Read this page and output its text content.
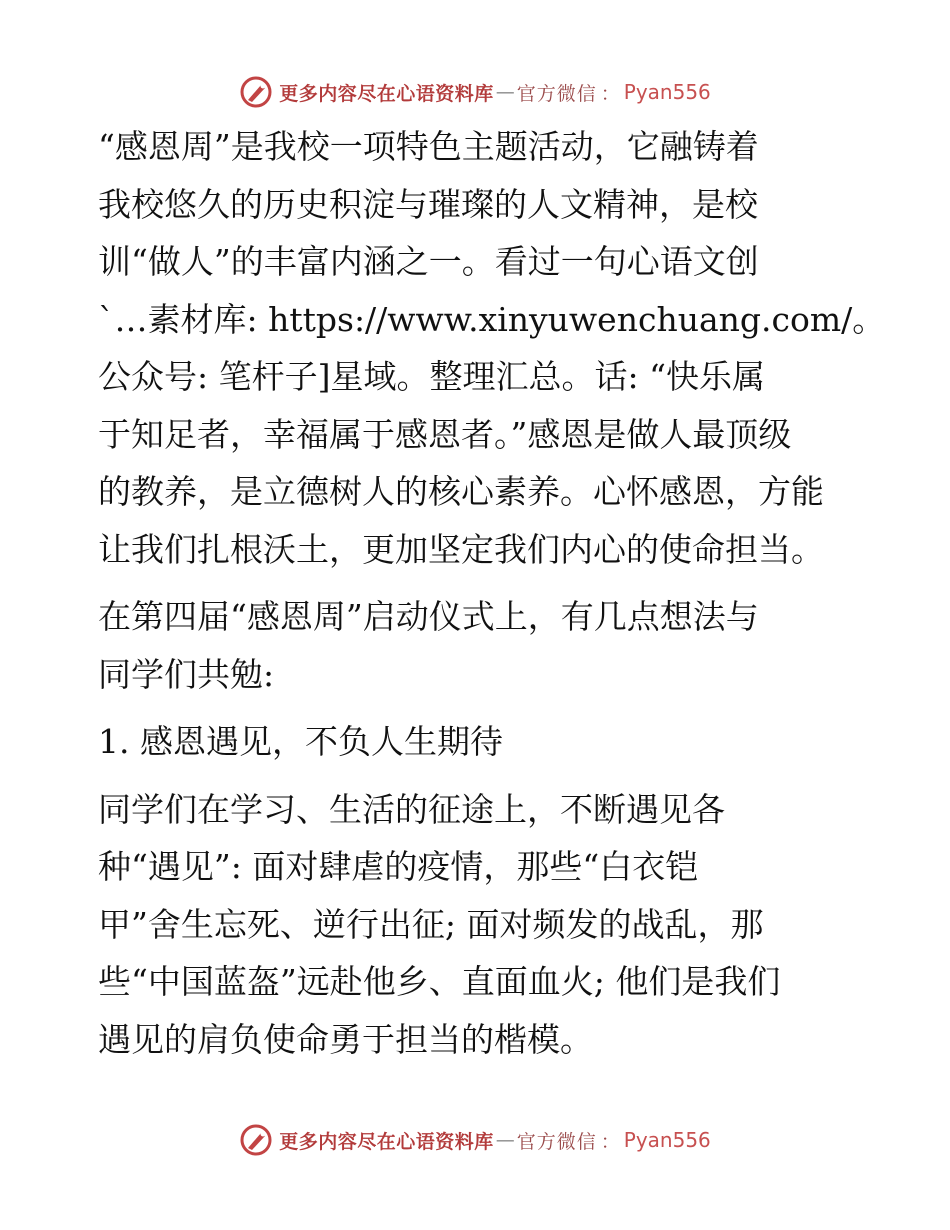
更多内容尽在心语资料库 — 官方微信 ： Pyan556
“感恩周”是我校一项特色主题活动，它融铸着
我校悠久的历史积淀与璀璨的人文精神，是校
训“做人”的丰富内涵之一。看过一句心语文创
`…素材库: https://www.xinyuwenchuang.com/。
公众号: 笔杆子]星域。整理汇总。话: “快乐属
于知足者，幸福属于感恩者。”感恩是做人最顶级
的教养，是立德树人的核心素养。心怀感恩，方能
让我们扎根沃土，更加坚定我们内心的使命担当。
在第四届“感恩周”启动仪式上，有几点想法与
同学们共勉:
1. 感恩遇见，不负人生期待
同学们在学习、生活的征途上，不断遇见各
种“遇见”: 面对肆虐的疫情，那些“白衣铠
甲”舍生忘死、逆行出征; 面对频发的战乱，那
些“中国蓝盔”远赴他乡、直面血火; 他们是我们
遇见的肩负使命勇于担当的楷模。
更多内容尽在心语资料库 — 官方微信 ： Pyan556
